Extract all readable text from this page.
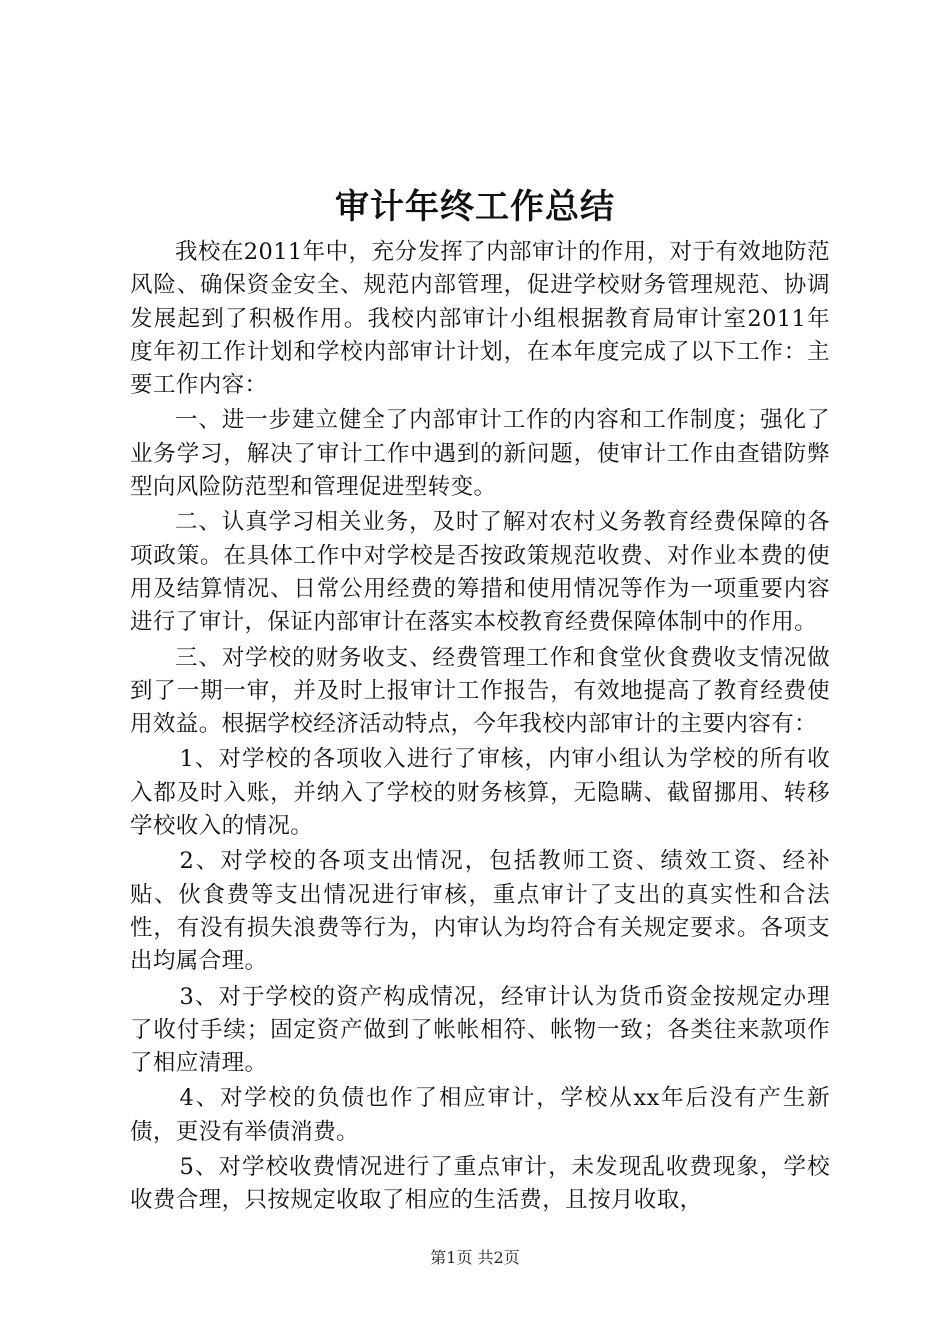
审计年终工作总结

我校在2011年中，充分发挥了内部审计的作用，对于有效地防范风险、确保资金安全、规范内部管理，促进学校财务管理规范、协调发展起到了积极作用。我校内部审计小组根据教育局审计室2011年度年初工作计划和学校内部审计计划，在本年度完成了以下工作：主要工作内容：

一、进一步建立健全了内部审计工作的内容和工作制度；强化了业务学习，解决了审计工作中遇到的新问题，使审计工作由查错防弊型向风险防范型和管理促进型转变。

二、认真学习相关业务，及时了解对农村义务教育经费保障的各项政策。在具体工作中对学校是否按政策规范收费、对作业本费的使用及结算情况、日常公用经费的筹措和使用情况等作为一项重要内容进行了审计，保证内部审计在落实本校教育经费保障体制中的作用。

三、对学校的财务收支、经费管理工作和食堂伙食费收支情况做到了一期一审，并及时上报审计工作报告，有效地提高了教育经费使用效益。根据学校经济活动特点，今年我校内部审计的主要内容有：

1、对学校的各项收入进行了审核，内审小组认为学校的所有收入都及时入账，并纳入了学校的财务核算，无隐瞒、截留挪用、转移学校收入的情况。

2、对学校的各项支出情况，包括教师工资、绩效工资、经补贴、伙食费等支出情况进行审核，重点审计了支出的真实性和合法性，有没有损失浪费等行为，内审认为均符合有关规定要求。各项支出均属合理。

3、对于学校的资产构成情况，经审计认为货币资金按规定办理了收付手续；固定资产做到了帐帐相符、帐物一致；各类往来款项作了相应清理。

4、对学校的负债也作了相应审计，学校从xx年后没有产生新债，更没有举债消费。

5、对学校收费情况进行了重点审计，未发现乱收费现象，学校收费合理，只按规定收取了相应的生活费，且按月收取，

第1页 共2页
